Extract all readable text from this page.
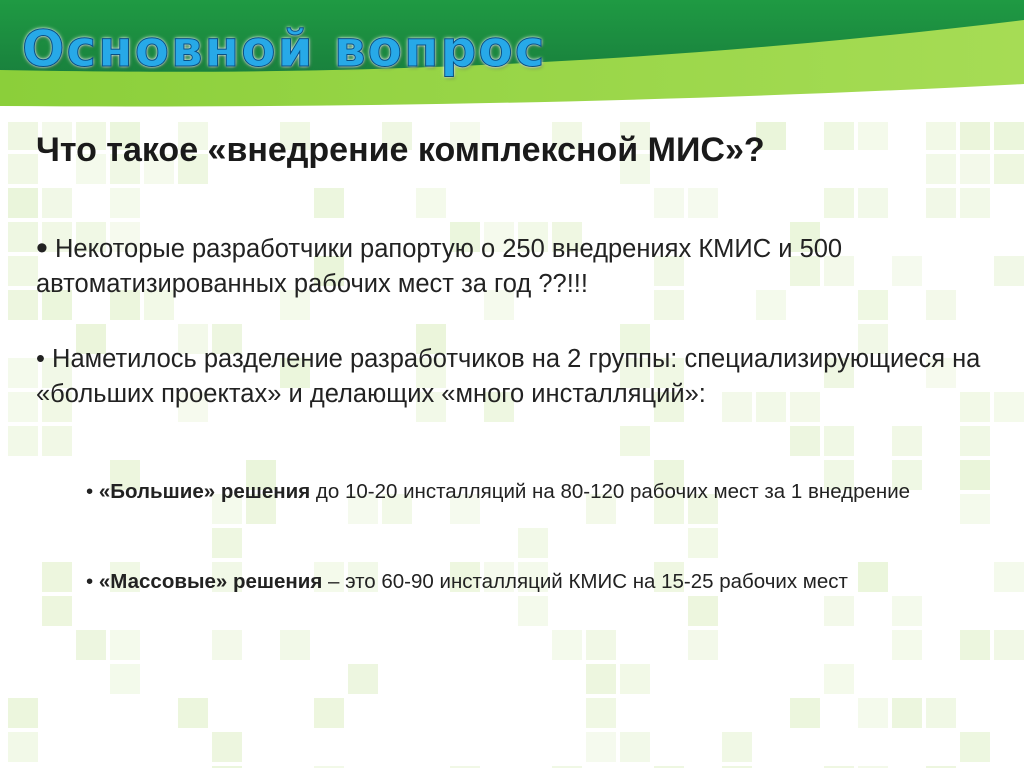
Основной вопрос
Что такое «внедрение комплексной МИС»?

• Некоторые разработчики рапортую о 250 внедрениях КМИС и 500 автоматизированных рабочих мест за год ??!!!

• Наметилось разделение разработчиков на 2 группы: специализирующиеся на «больших проектах» и делающих «много инсталляций»:

• «Большие» решения до 10-20 инсталляций на 80-120 рабочих мест за 1 внедрение

• «Массовые» решения – это 60-90 инсталляций КМИС на 15-25 рабочих мест
